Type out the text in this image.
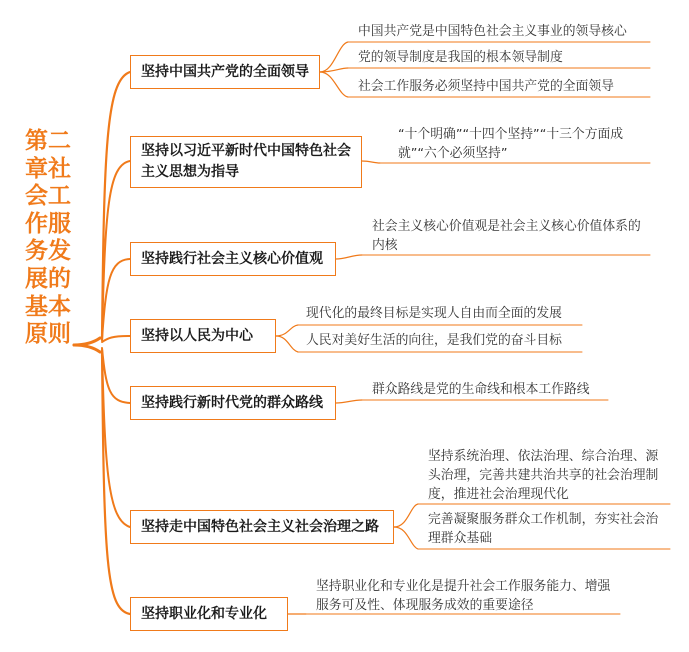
第二章社会工作服务发展的基本原则
坚持中国共产党的全面领导
中国共产党是中国特色社会主义事业的领导核心
党的领导制度是我国的根本领导制度
社会工作服务必须坚持中国共产党的全面领导
坚持以习近平新时代中国特色社会主义思想为指导
“十个明确”“十四个坚持”“十三个方面成就”“六个必须坚持”
坚持践行社会主义核心价值观
社会主义核心价值观是社会主义核心价值体系的内核
坚持以人民为中心
现代化的最终目标是实现人自由而全面的发展
人民对美好生活的向往，是我们党的奋斗目标
坚持践行新时代党的群众路线
群众路线是党的生命线和根本工作路线
坚持走中国特色社会主义社会治理之路
坚持系统治理、依法治理、综合治理、源头治理，完善共建共治共享的社会治理制度，推进社会治理现代化
完善凝聚服务群众工作机制，夯实社会治理群众基础
坚持职业化和专业化
坚持职业化和专业化是提升社会工作服务能力、增强服务可及性、体现服务成效的重要途径
